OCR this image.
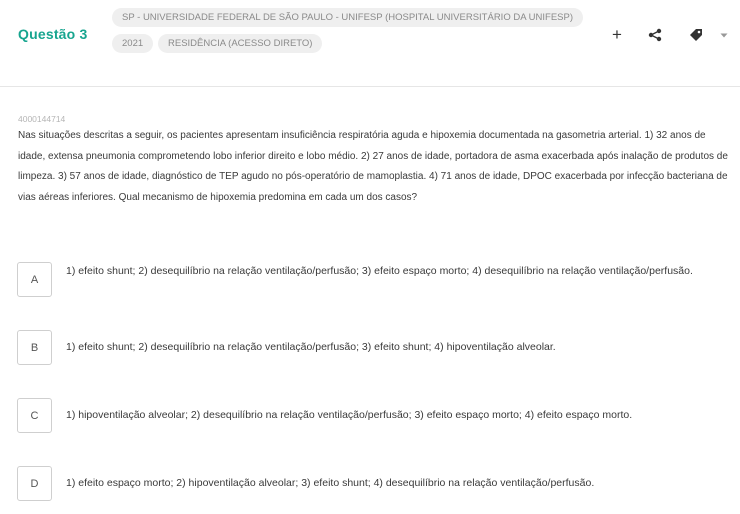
Questão 3
SP - UNIVERSIDADE FEDERAL DE SÃO PAULO - UNIFESP (HOSPITAL UNIVERSITÁRIO DA UNIFESP)
2021	RESIDÊNCIA (ACESSO DIRETO)	+
4000144714
Nas situações descritas a seguir, os pacientes apresentam insuficiência respiratória aguda e hipoxemia documentada na gasometria arterial. 1) 32 anos de idade, extensa pneumonia comprometendo lobo inferior direito e lobo médio. 2) 27 anos de idade, portadora de asma exacerbada após inalação de produtos de limpeza. 3) 57 anos de idade, diagnóstico de TEP agudo no pós-operatório de mamoplastia. 4) 71 anos de idade, DPOC exacerbada por infecção bacteriana de vias aéreas inferiores. Qual mecanismo de hipoxemia predomina em cada um dos casos?
A
1) efeito shunt; 2) desequilíbrio na relação ventilação/perfusão; 3) efeito espaço morto; 4) desequilíbrio na relação ventilação/perfusão.
B	1) efeito shunt; 2) desequilíbrio na relação ventilação/perfusão; 3) efeito shunt; 4) hipoventilação alveolar.
C	1) hipoventilação alveolar; 2) desequilíbrio na relação ventilação/perfusão; 3) efeito espaço morto; 4) efeito espaço morto.
D	1) efeito espaço morto; 2) hipoventilação alveolar; 3) efeito shunt; 4) desequilíbrio na relação ventilação/perfusão.
